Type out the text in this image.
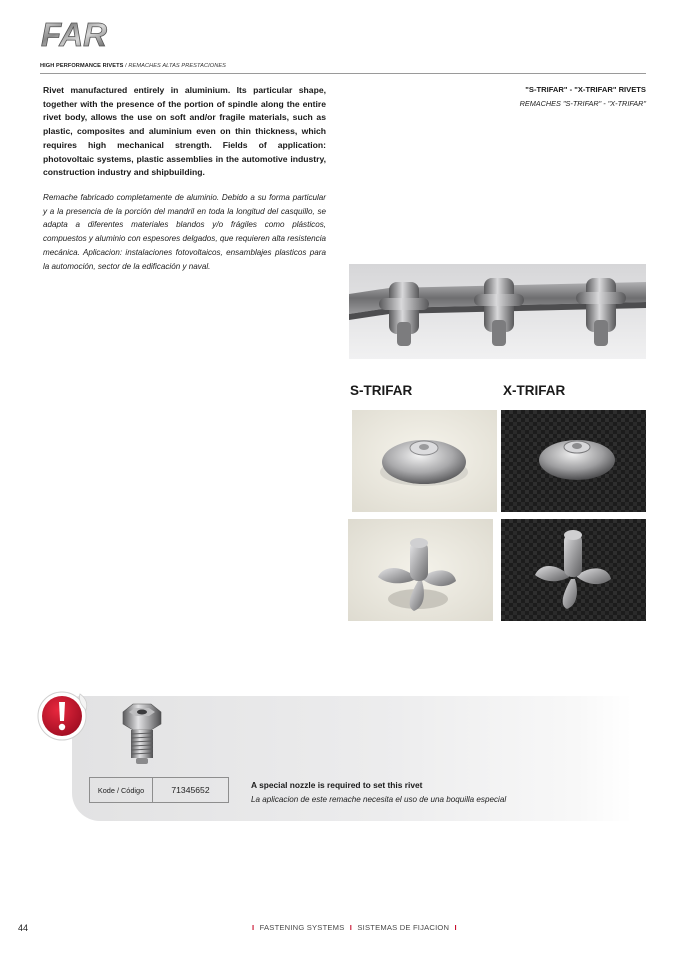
FAR
HIGH PERFORMANCE RIVETS / REMACHES ALTAS PRESTACIONES

Rivet manufactured entirely in aluminium. Its particular shape, together with the presence of the portion of spindle along the entire rivet body, allows the use on soft and/or fragile materials, such as plastic, composites and aluminium even on thin thickness, which requires high mechanical strength. Fields of application: photovoltaic systems, plastic assemblies in the automotive industry, construction industry and shipbuilding.

Remache fabricado completamente de aluminio. Debido a su forma particular y a la presencia de la porción del mandril en toda la longitud del casquillo, se adapta a diferentes materiales blandos y/o frágiles como plásticos, compuestos y aluminio con espesores delgados, que requieren alta resistencia mecánica. Aplicacion: instalaciones fotovoltaicos, ensamblajes plasticos para la automoción, sector de la edificación y naval.

"S-TRIFAR" - "X-TRIFAR" RIVETS
REMACHES "S-TRIFAR" - "X-TRIFAR"
S-TRIFAR	X-TRIFAR
Kode / Código	71345652	A special nozzle is required to set this rivet
La aplicacion de este remache necesita el uso de una boquilla especial
44	I FASTENING SYSTEMS I SISTEMAS DE FIJACION I
